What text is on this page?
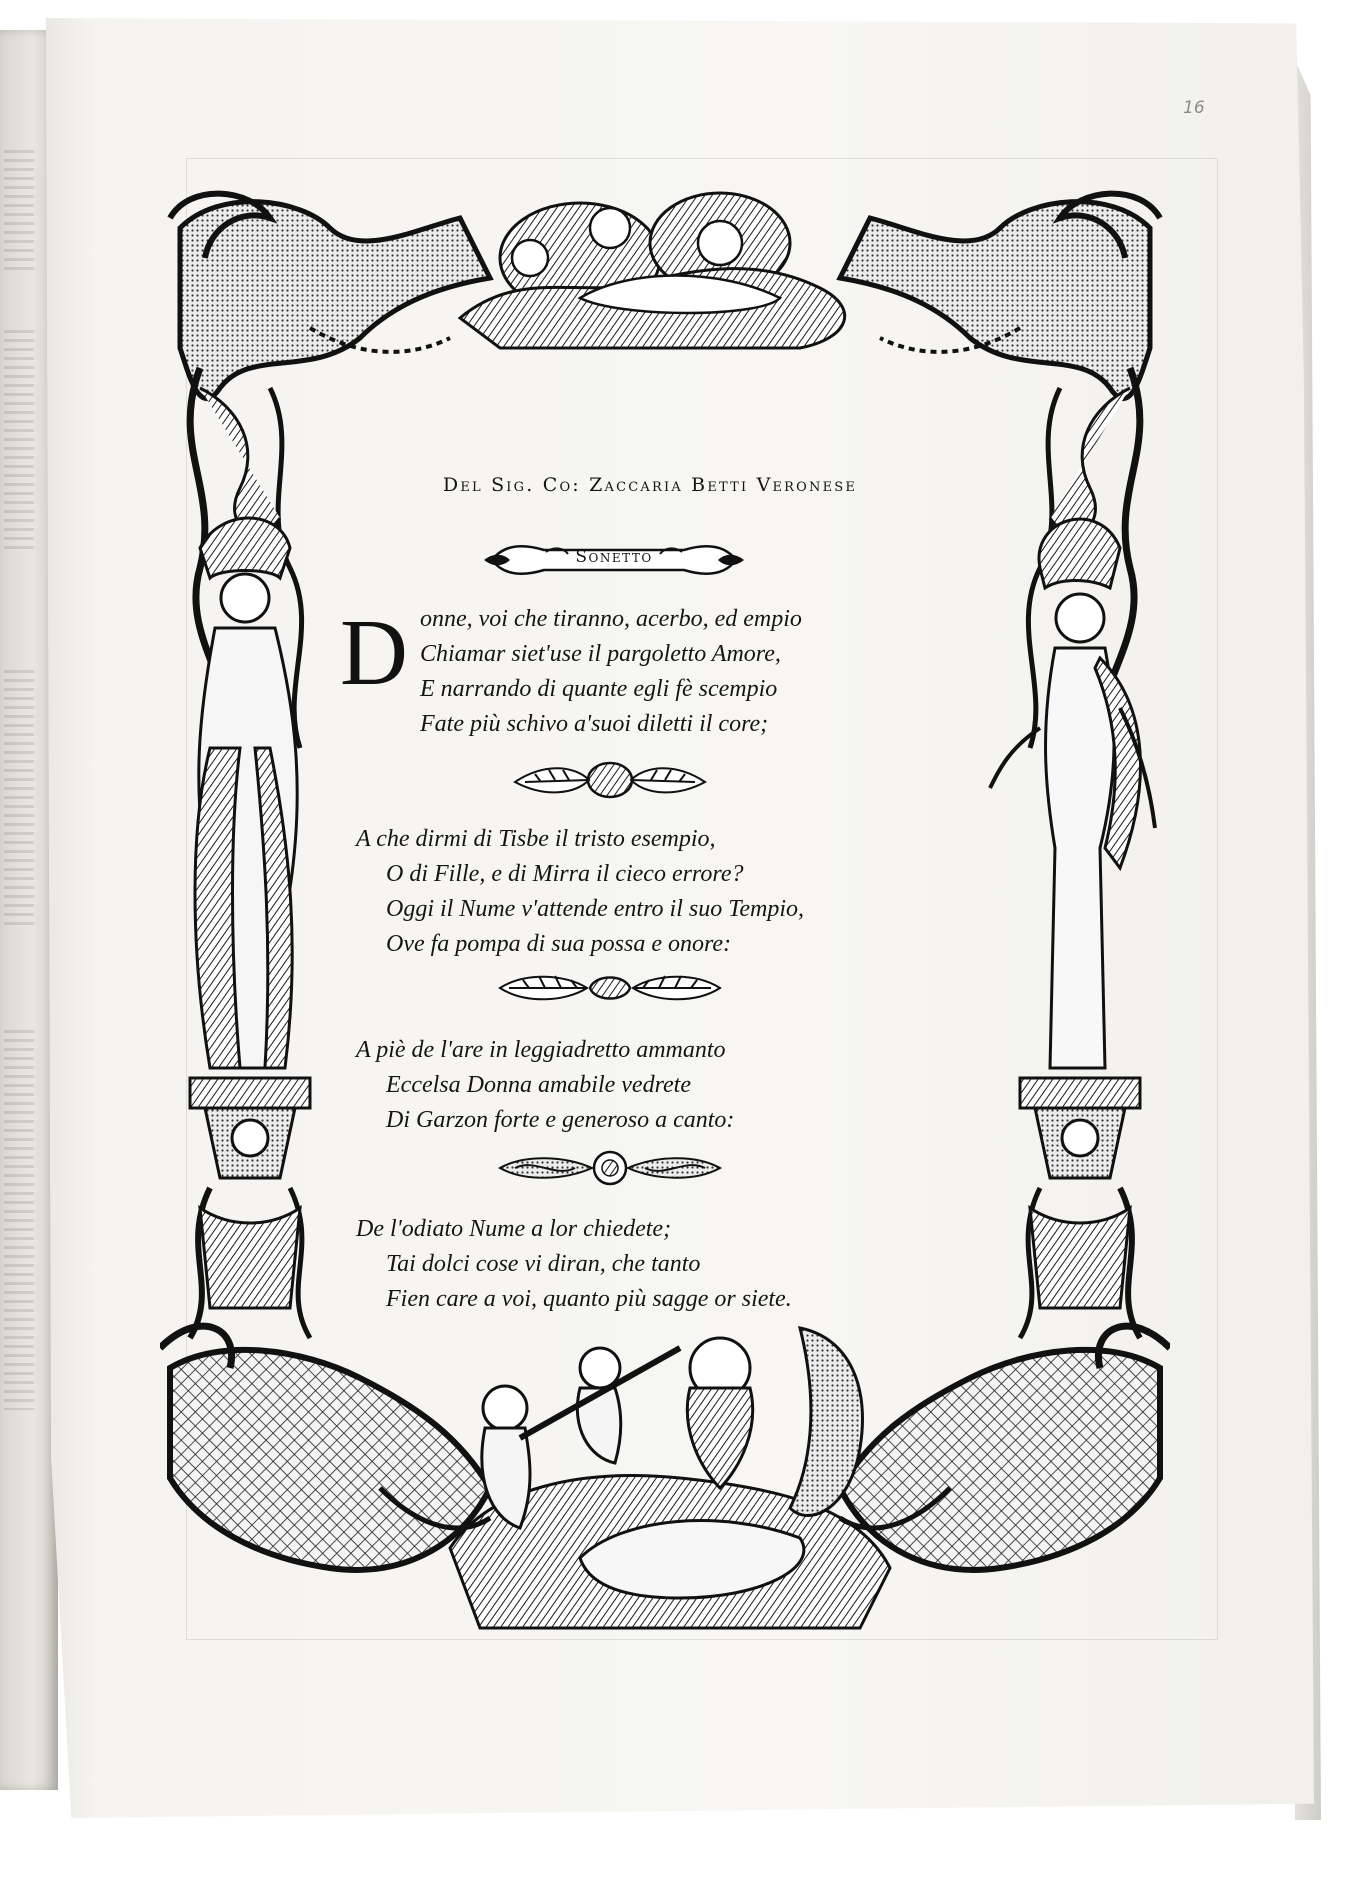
16
Del Sig. Co: Zaccaria Betti Veronese
Sonetto
D onne, voi che tiranno, acerbo, ed empio
Chiamar siet'use il pargoletto Amore,
E narrando di quante egli fè scempio
Fate più schivo a'suoi diletti il core;
A che dirmi di Tisbe il tristo esempio,
O di Fille, e di Mirra il cieco errore?
Oggi il Nume v'attende entro il suo Tempio,
Ove fa pompa di sua possa e onore:
A piè de l'are in leggiadretto ammanto
Eccelsa Donna amabile vedrete
Di Garzon forte e generoso a canto:
De l'odiato Nume a lor chiedete;
Tai dolci cose vi diran, che tanto
Fien care a voi, quanto più sagge or siete.
